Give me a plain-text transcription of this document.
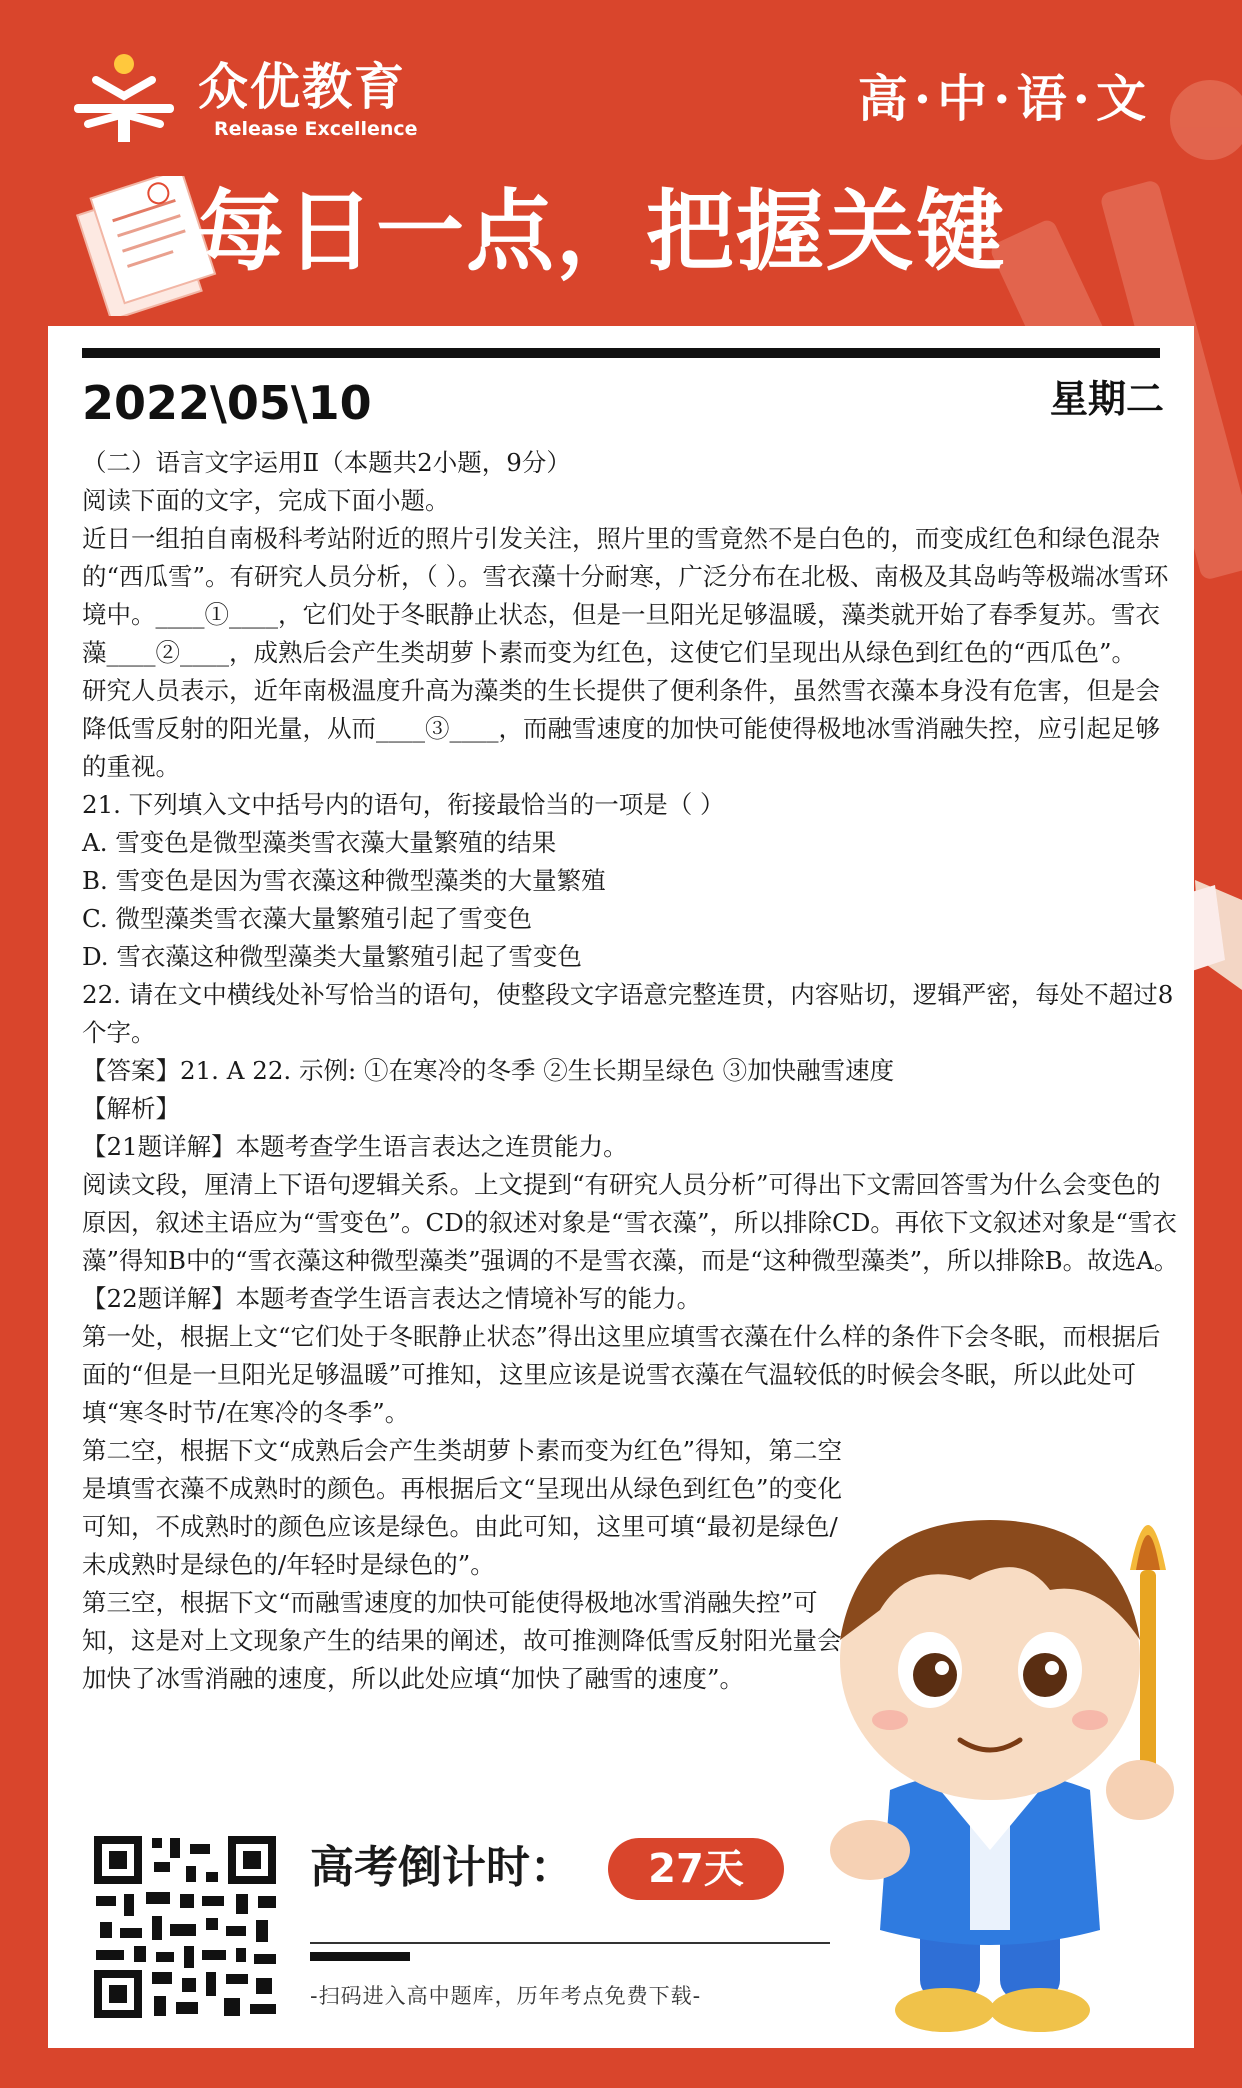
众优教育
Release Excellence
高·中·语·文
每日一点，把握关键
2022\05\10	星期二

（二）语言文字运用Ⅱ（本题共2小题，9分）

阅读下面的文字，完成下面小题。

近日一组拍自南极科考站附近的照片引发关注，照片里的雪竟然不是白色的，而变成红色和绿色混杂的“西瓜雪”。有研究人员分析，（ ）。雪衣藻十分耐寒，广泛分布在北极、南极及其岛屿等极端冰雪环境中。____①____，它们处于冬眠静止状态，但是一旦阳光足够温暖，藻类就开始了春季复苏。雪衣藻____②____，成熟后会产生类胡萝卜素而变为红色，这使它们呈现出从绿色到红色的“西瓜色”。

研究人员表示，近年南极温度升高为藻类的生长提供了便利条件，虽然雪衣藻本身没有危害，但是会降低雪反射的阳光量，从而____③____，而融雪速度的加快可能使得极地冰雪消融失控，应引起足够的重视。

21. 下列填入文中括号内的语句，衔接最恰当的一项是（ ）

A. 雪变色是微型藻类雪衣藻大量繁殖的结果

B. 雪变色是因为雪衣藻这种微型藻类的大量繁殖

C. 微型藻类雪衣藻大量繁殖引起了雪变色

D. 雪衣藻这种微型藻类大量繁殖引起了雪变色

22. 请在文中横线处补写恰当的语句，使整段文字语意完整连贯，内容贴切，逻辑严密，每处不超过8个字。

【答案】21. A 22. 示例: ①在寒冷的冬季 ②生长期呈绿色 ③加快融雪速度

【解析】

【21题详解】本题考查学生语言表达之连贯能力。

阅读文段，厘清上下语句逻辑关系。上文提到“有研究人员分析”可得出下文需回答雪为什么会变色的原因，叙述主语应为“雪变色”。CD的叙述对象是“雪衣藻”，所以排除CD。再依下文叙述对象是“雪衣藻”得知B中的“雪衣藻这种微型藻类”强调的不是雪衣藻，而是“这种微型藻类”，所以排除B。故选A。

【22题详解】本题考查学生语言表达之情境补写的能力。

第一处，根据上文“它们处于冬眠静止状态”得出这里应填雪衣藻在什么样的条件下会冬眠，而根据后面的“但是一旦阳光足够温暖”可推知，这里应该是说雪衣藻在气温较低的时候会冬眠，所以此处可填“寒冬时节/在寒冷的冬季”。

第二空，根据下文“成熟后会产生类胡萝卜素而变为红色”得知，第二空是填雪衣藻不成熟时的颜色。再根据后文“呈现出从绿色到红色”的变化可知，不成熟时的颜色应该是绿色。由此可知，这里可填“最初是绿色/未成熟时是绿色的/年轻时是绿色的”。

第三空，根据下文“而融雪速度的加快可能使得极地冰雪消融失控”可知，这是对上文现象产生的结果的阐述，故可推测降低雪反射阳光量会加快了冰雪消融的速度，所以此处应填“加快了融雪的速度”。

高考倒计时：	27天
-扫码进入高中题库，历年考点免费下载-
